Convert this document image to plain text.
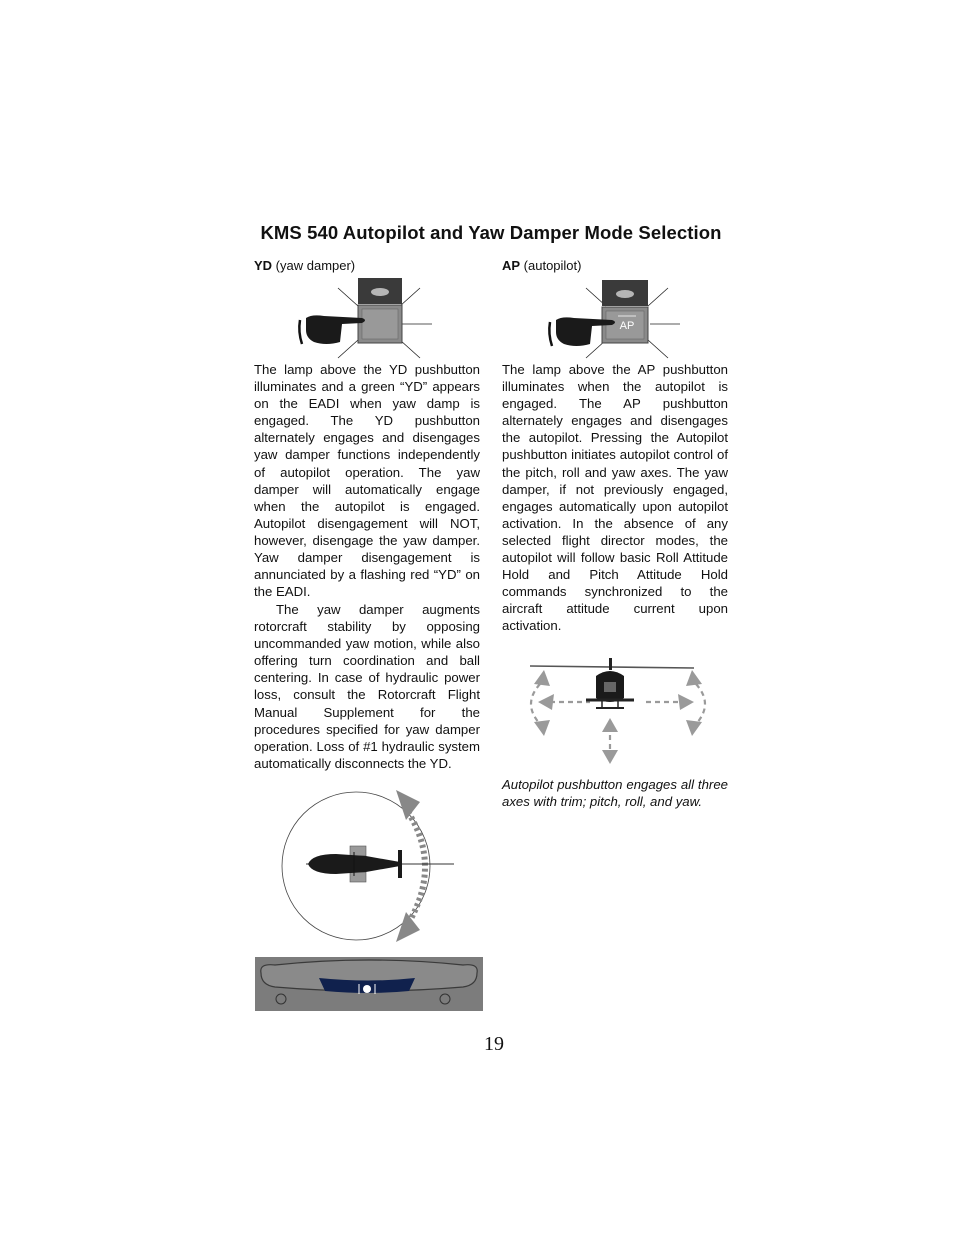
KMS 540 Autopilot and Yaw Damper Mode Selection
YD (yaw damper)

The lamp above the YD pushbutton illuminates and a green “YD” appears on the EADI when yaw damp is engaged. The YD pushbutton alternately engages and disengages yaw damper functions independently of autopilot operation. The yaw damper will automatically engage when the autopilot is engaged. Autopilot disengagement will NOT, however, disengage the yaw damper. Yaw damper disengagement is annunciated by a flashing red “YD” on the EADI.

The yaw damper augments rotorcraft stability by opposing uncommanded yaw motion, while also offering turn coordination and ball centering. In case of hydraulic power loss, consult the Rotorcraft Flight Manual Supplement for the procedures specified for yaw damper operation. Loss of #1 hydraulic system automatically disconnects the YD.

AP (autopilot)
AP

The lamp above the AP pushbutton illuminates when the autopilot is engaged. The AP pushbutton alternately engages and disengages the autopilot. Pressing the Autopilot pushbutton initiates autopilot control of the pitch, roll and yaw axes. The yaw damper, if not previously engaged, engages automatically upon autopilot activation. In the absence of any selected flight director modes, the autopilot will follow basic Roll Attitude Hold and Pitch Attitude Hold commands synchronized to the aircraft attitude current upon activation.

Autopilot pushbutton engages all three axes with trim; pitch, roll, and yaw.

19
